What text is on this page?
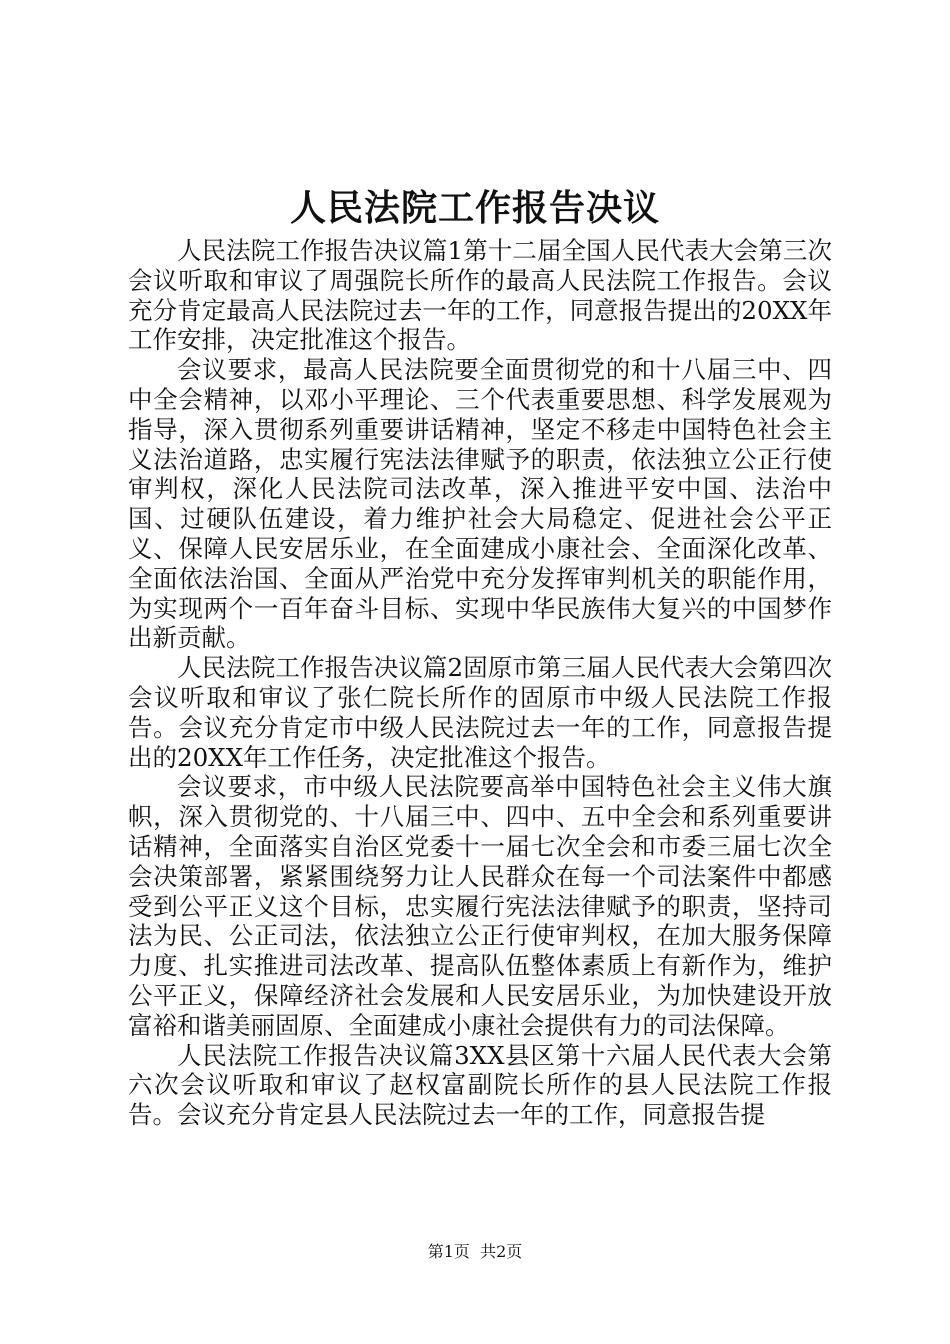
人民法院工作报告决议

人民法院工作报告决议篇1第十二届全国人民代表大会第三次会议听取和审议了周强院长所作的最高人民法院工作报告。会议充分肯定最高人民法院过去一年的工作，同意报告提出的20XX年工作安排，决定批准这个报告。

会议要求，最高人民法院要全面贯彻党的和十八届三中、四中全会精神，以邓小平理论、三个代表重要思想、科学发展观为指导，深入贯彻系列重要讲话精神，坚定不移走中国特色社会主义法治道路，忠实履行宪法法律赋予的职责，依法独立公正行使审判权，深化人民法院司法改革，深入推进平安中国、法治中国、过硬队伍建设，着力维护社会大局稳定、促进社会公平正义、保障人民安居乐业，在全面建成小康社会、全面深化改革、全面依法治国、全面从严治党中充分发挥审判机关的职能作用，为实现两个一百年奋斗目标、实现中华民族伟大复兴的中国梦作出新贡献。

人民法院工作报告决议篇2固原市第三届人民代表大会第四次会议听取和审议了张仁院长所作的固原市中级人民法院工作报告。会议充分肯定市中级人民法院过去一年的工作，同意报告提出的20XX年工作任务，决定批准这个报告。

会议要求，市中级人民法院要高举中国特色社会主义伟大旗帜，深入贯彻党的、十八届三中、四中、五中全会和系列重要讲话精神，全面落实自治区党委十一届七次全会和市委三届七次全会决策部署，紧紧围绕努力让人民群众在每一个司法案件中都感受到公平正义这个目标，忠实履行宪法法律赋予的职责，坚持司法为民、公正司法，依法独立公正行使审判权，在加大服务保障力度、扎实推进司法改革、提高队伍整体素质上有新作为，维护公平正义，保障经济社会发展和人民安居乐业，为加快建设开放富裕和谐美丽固原、全面建成小康社会提供有力的司法保障。

人民法院工作报告决议篇3XX县区第十六届人民代表大会第六次会议听取和审议了赵权富副院长所作的县人民法院工作报告。会议充分肯定县人民法院过去一年的工作，同意报告提

第1页 共2页
